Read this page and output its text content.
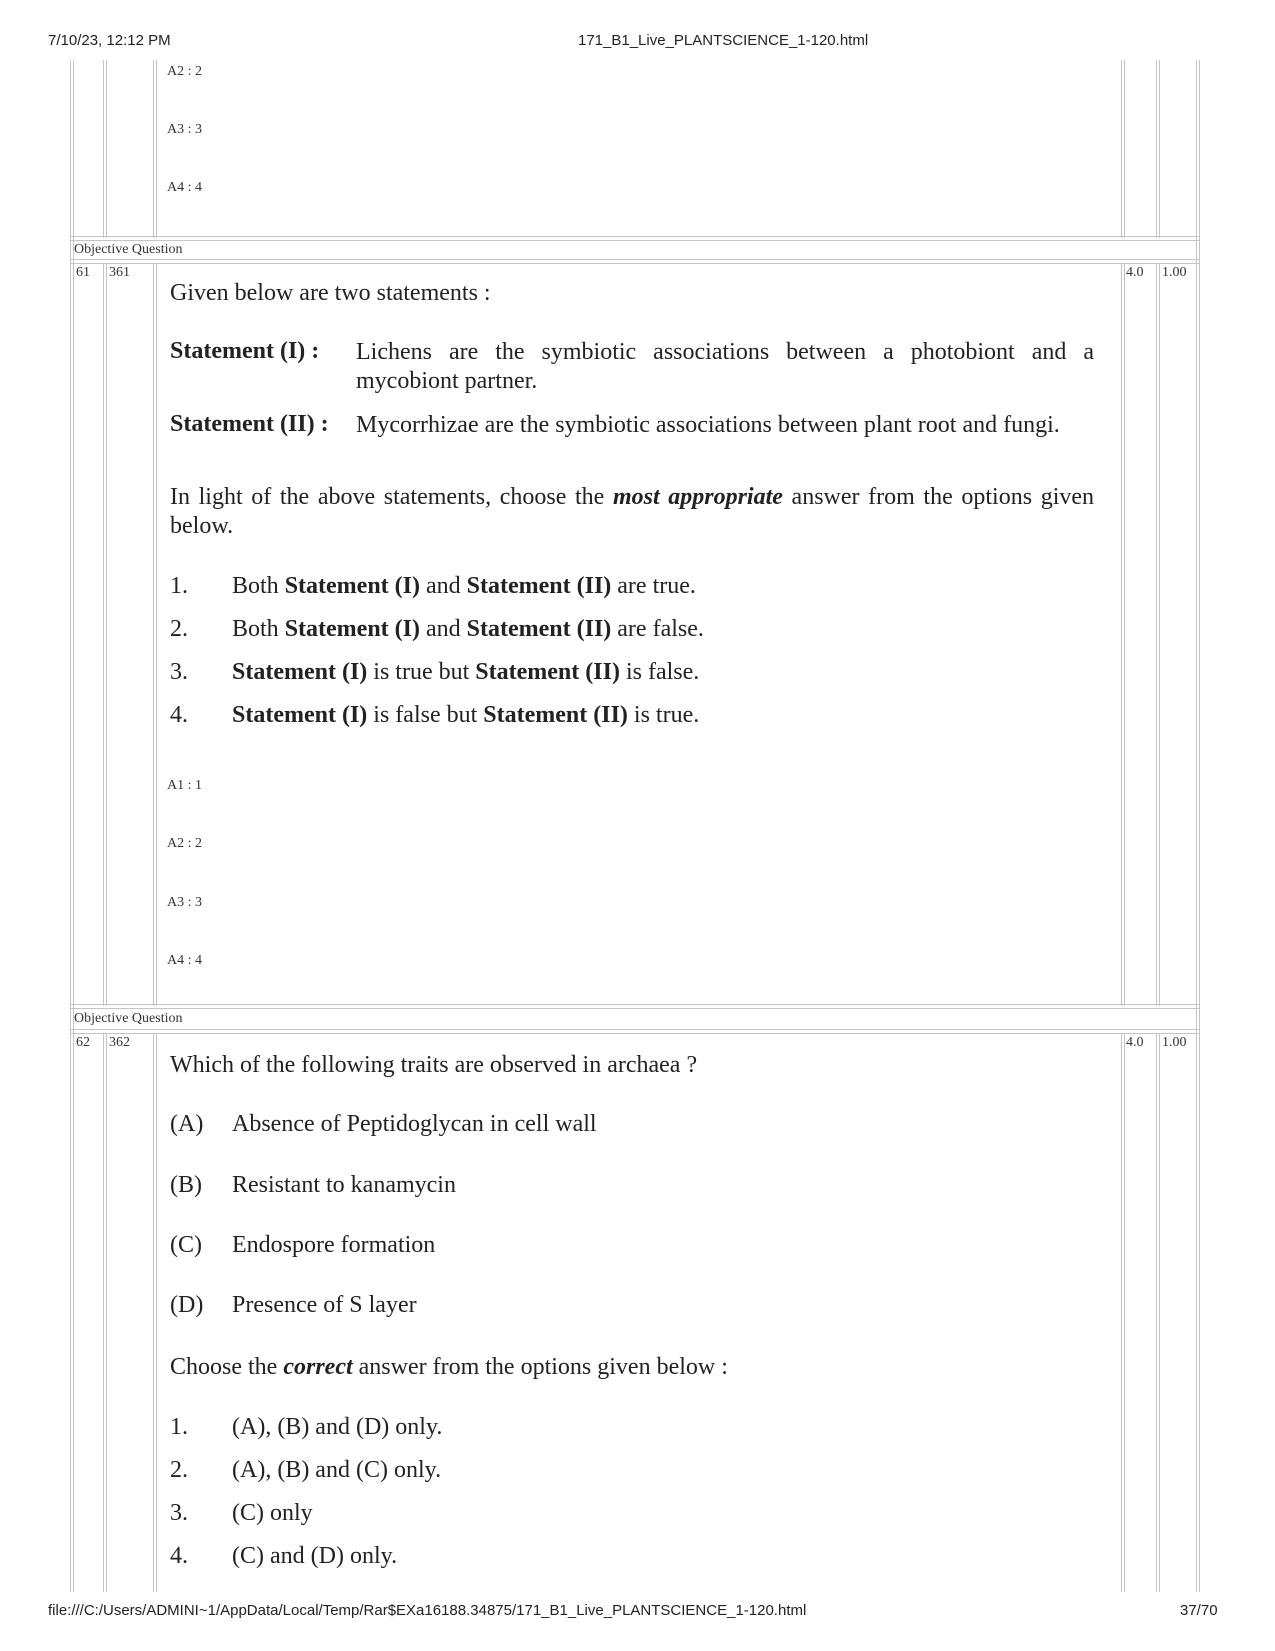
7/10/23, 12:12 PM	171_B1_Live_PLANTSCIENCE_1-120.html
file:///C:/Users/ADMINI~1/AppData/Local/Temp/Rar$EXa16188.34875/171_B1_Live_PLANTSCIENCE_1-120.html	37/70
A2 : 2
A3 : 3
A4 : 4
Objective Question
61 361	4.0 1.00
Given below are two statements :
Statement (I) : Lichens are the symbiotic associations between a photobiont and a mycobiont partner.
Statement (II) : Mycorrhizae are the symbiotic associations between plant root and fungi.
In light of the above statements, choose the most appropriate answer from the options given below.
1. Both Statement (I) and Statement (II) are true.
2. Both Statement (I) and Statement (II) are false.
3. Statement (I) is true but Statement (II) is false.
4. Statement (I) is false but Statement (II) is true.
A1 : 1
A2 : 2
A3 : 3
A4 : 4
Objective Question
62 362	4.0 1.00
Which of the following traits are observed in archaea ?
(A) Absence of Peptidoglycan in cell wall
(B) Resistant to kanamycin
(C) Endospore formation
(D) Presence of S layer
Choose the correct answer from the options given below :
1. (A), (B) and (D) only.
2. (A), (B) and (C) only.
3. (C) only
4. (C) and (D) only.
